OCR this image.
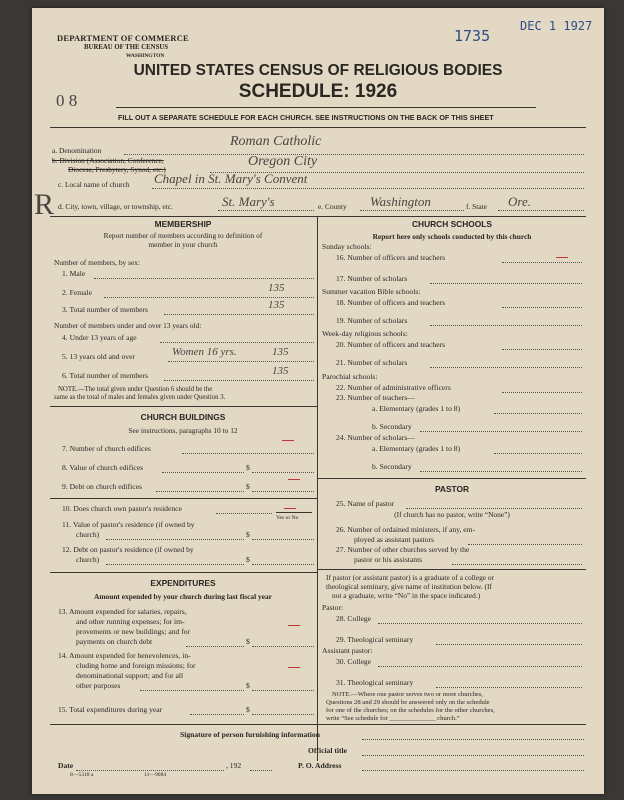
DEPARTMENT OF COMMERCE
BUREAU OF THE CENSUS
WASHINGTON
1735
DEC 1 1927
UNITED STATES CENSUS OF RELIGIOUS BODIES
SCHEDULE: 1926
0 8
FILL OUT A SEPARATE SCHEDULE FOR EACH CHURCH. SEE INSTRUCTIONS ON THE BACK OF THIS SHEET
a. Denomination
Roman Catholic
b. Division (Association, Conference,
Diocese, Presbytery, Synod, etc.)
Oregon City
c. Local name of church Chapel in St. Mary's Convent
R d. City, town, village, or township, etc.	St. Mary's	e. County Washington	f. State Ore.
MEMBERSHIP
Report number of members according to definition of
member in your church
Number of members, by sex:
1. Male
2. Female	135
3. Total number of members	135
Number of members under and over 13 years old:
4. Under 13 years of age
5. 13 years old and over	Women 16 yrs.	135
6. Total number of members	135
NOTE.—The total given under Question 6 should be the
same as the total of males and females given under Question 3.
CHURCH BUILDINGS
See instructions, paragraphs 10 to 12
7. Number of church edifices
8. Value of church edifices	$
9. Debt on church edifices	$
10. Does church own pastor's residence
Yes or No
11. Value of pastor's residence (if owned by
church)	$
12. Debt on pastor's residence (if owned by
church)	$
EXPENDITURES
Amount expended by your church during last fiscal year
13. Amount expended for salaries, repairs,
and other running expenses; for im-
provements or new buildings; and for
payments on church debt	$
14. Amount expended for benevolences, in-
cluding home and foreign missions; for
denominational support; and for all
other purposes	$
15. Total expenditures during year	$
CHURCH SCHOOLS
Report here only schools conducted by this church
Sunday schools:
16. Number of officers and teachers
17. Number of scholars
Summer vacation Bible schools:
18. Number of officers and teachers
19. Number of scholars
Week-day religious schools:
20. Number of officers and teachers
21. Number of scholars
Parochial schools:
22. Number of administrative officers
23. Number of teachers—
a. Elementary (grades 1 to 8)
b. Secondary
24. Number of scholars—
a. Elementary (grades 1 to 8)
b. Secondary
PASTOR
25. Name of pastor
(If church has no pastor, write “None”)
26. Number of ordained ministers, if any, em-
ployed as assistant pastors
27. Number of other churches served by the
pastor or his assistants
If pastor (or assistant pastor) is a graduate of a college or
theological seminary, give name of institution below. (If
not a graduate, write “No” in the space indicated.)
Pastor:
28. College
29. Theological seminary
Assistant pastor:
30. College
31. Theological seminary
NOTE.—Where one pastor serves two or more churches,
Questions 28 and 29 should be answered only on the schedule
for one of the churches; on the schedules for the other churches,
write “See schedule for ______________ church.”
Signature of person furnishing information
Official title
Date	, 192	P. O. Address
8—5318 a	11—9084
